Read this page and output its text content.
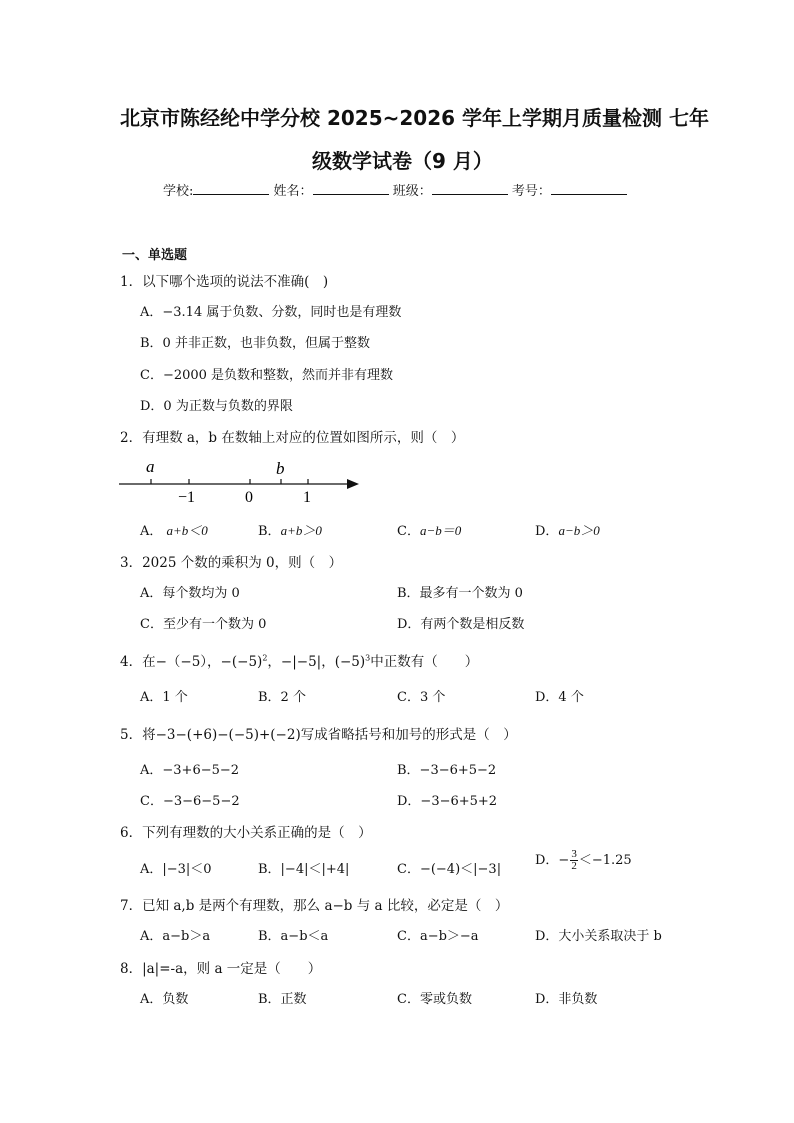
北京市陈经纶中学分校 2025~2026 学年上学期月质量检测 七年
级数学试卷（9 月）
学校:	姓名：	班级：	考号：
一、单选题
1．以下哪个选项的说法不准确(　)
A．−3.14 属于负数、分数，同时也是有理数
B．0 并非正数，也非负数，但属于整数
C．−2000 是负数和整数，然而并非有理数
D．0 为正数与负数的界限
2．有理数 a，b 在数轴上对应的位置如图所示，则（　）
a	b
−1	0	1
A． a+b＜0	B．a+b＞0	C．a−b＝0	D．a−b＞0
3．2025 个数的乘积为 0，则（　）
A．每个数均为 0	B．最多有一个数为 0
C．至少有一个数为 0	D．有两个数是相反数
4．在−（−5），$-(-5)^2$，−|−5|，$(-5)^3$中正数有（　　）
A．1 个	B．2 个	C．3 个	D．4 个
5．将−3−(+6)−(−5)+(−2)写成省略括号和加号的形式是（　）
A．−3+6−5−2	B．−3−6+5−2
C．−3−6−5−2	D．−3−6+5+2
6．下列有理数的大小关系正确的是（　）
A．|−3|＜0	B．|−4|＜|+4|	C．−(−4)＜|−3|
D．− $\frac{3}{2} <-1.25$
7．已知 a,b 是两个有理数，那么 a−b 与 a 比较，必定是（　）
A．a−b＞a	B．a−b＜a	C．a−b＞−a	D．大小关系取决于 b
8．|a|=-a，则 a 一定是（　　）
A．负数	B．正数	C．零或负数	D．非负数
